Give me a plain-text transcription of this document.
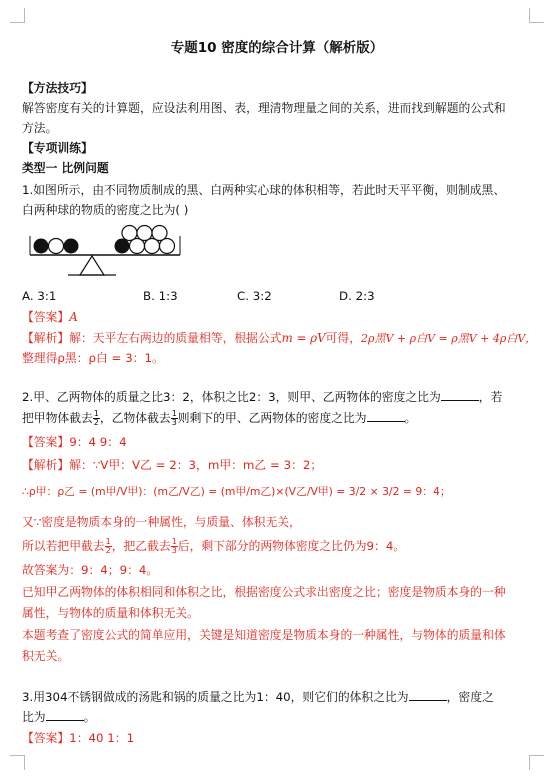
专题10 密度的综合计算（解析版）
【方法技巧】
解答密度有关的计算题，应设法利用图、表，理清物理量之间的关系，进而找到解题的公式和
方法。
【专项训练】
类型一 比例问题
1.如图所示，由不同物质制成的黑、白两种实心球的体积相等，若此时天平平衡，则制成黑、
白两种球的物质的密度之比为( )
A. 3:1	B. 1:3	C. 3:2	D. 2:3
【答案】A
【解析】解：天平左右两边的质量相等，根据公式m = ρV可得，2ρ黑V + ρ白V = ρ黑V + 4ρ白V，
整理得ρ黑：ρ白 = 3：1。
2.甲、乙两物体的质量之比3：2，体积之比2：3，则甲、乙两物体的密度之比为	，若
把甲物体截去 $\frac{1}{2}$ ，乙物体截去 $\frac{1}{3}$ 则剩下的甲、乙两物体的密度之比为	。
【答案】9：4 9：4
【解析】解：∵V甲：V乙 = 2：3，m甲：m乙 = 3：2；
∴ρ甲：ρ乙 = (m甲/V甲)：(m乙/V乙) = (m甲/m乙)×(V乙/V甲) = 3/2 × 3/2 = 9：4；
又∵密度是物质本身的一种属性，与质量、体积无关，
所以若把甲截去 $\frac{1}{2}$ ，把乙截去 $\frac{1}{3}$ 后，剩下部分的两物体密度之比仍为9：4。
故答案为：9：4；9：4。
已知甲乙两物体的体积相同和体积之比，根据密度公式求出密度之比；密度是物质本身的一种
属性，与物体的质量和体积无关。
本题考查了密度公式的简单应用，关键是知道密度是物质本身的一种属性，与物体的质量和体
积无关。
3.用304不锈钢做成的汤匙和锅的质量之比为1：40，则它们的体积之比为	，密度之
比为	。
【答案】1：40 1：1
